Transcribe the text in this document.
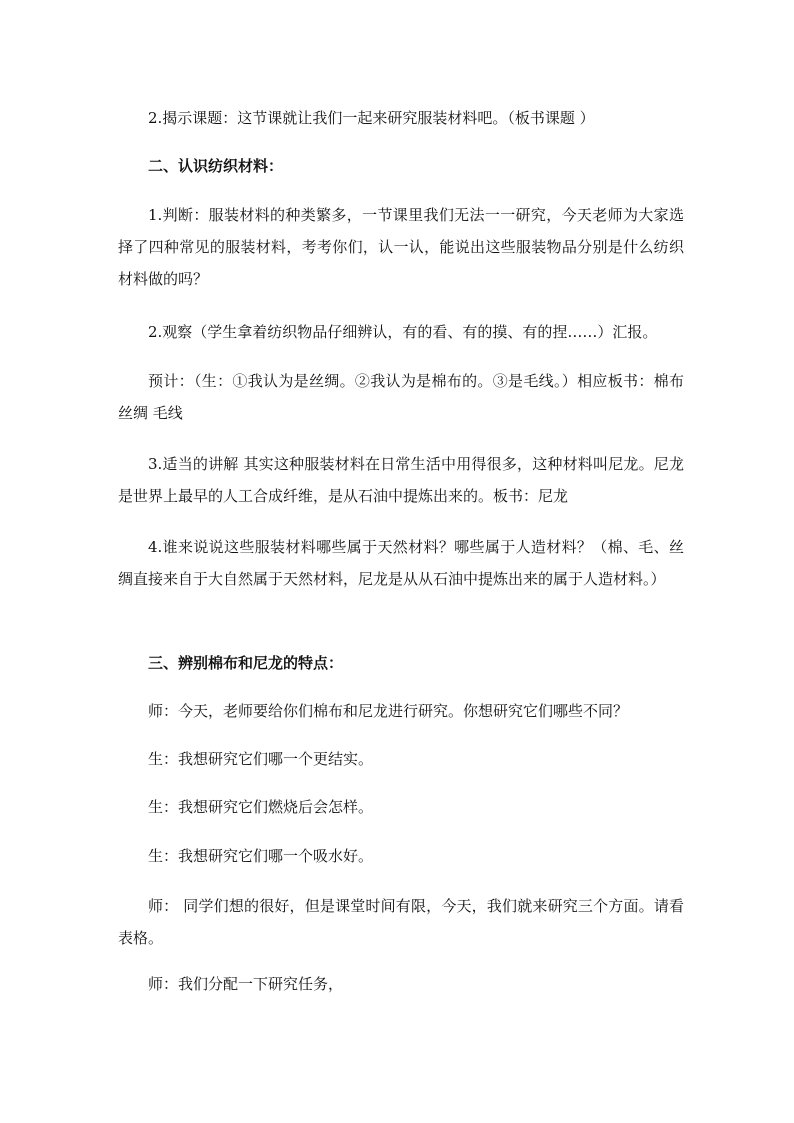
2.揭示课题：这节课就让我们一起来研究服装材料吧。（板书课题 ）

二、认识纺织材料：

1.判断：服装材料的种类繁多，一节课里我们无法一一研究，今天老师为大家选择了四种常见的服装材料，考考你们，认一认，能说出这些服装物品分别是什么纺织材料做的吗？

2.观察（学生拿着纺织物品仔细辨认，有的看、有的摸、有的捏……）汇报。

预计：（生：①我认为是丝绸。②我认为是棉布的。③是毛线。）相应板书：棉布 丝绸 毛线

3.适当的讲解 其实这种服装材料在日常生活中用得很多，这种材料叫尼龙。尼龙是世界上最早的人工合成纤维，是从石油中提炼出来的。板书：尼龙

4.谁来说说这些服装材料哪些属于天然材料？哪些属于人造材料？（棉、毛、丝绸直接来自于大自然属于天然材料，尼龙是从从石油中提炼出来的属于人造材料。）

三、辨别棉布和尼龙的特点：

师：今天，老师要给你们棉布和尼龙进行研究。你想研究它们哪些不同？

生：我想研究它们哪一个更结实。

生：我想研究它们燃烧后会怎样。

生：我想研究它们哪一个吸水好。

师： 同学们想的很好，但是课堂时间有限，今天，我们就来研究三个方面。请看表格。

师：我们分配一下研究任务，
